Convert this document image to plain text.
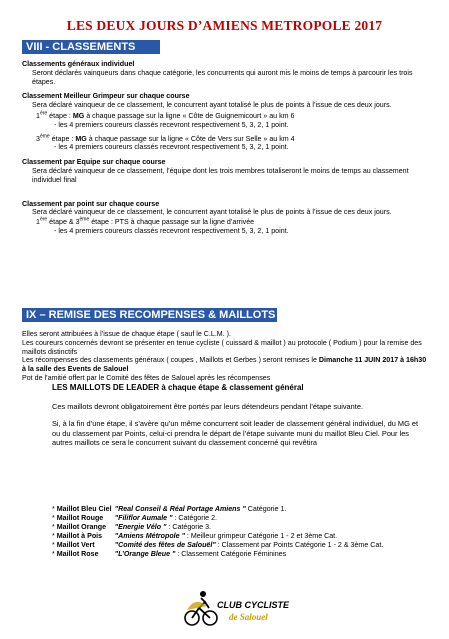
LES DEUX JOURS D’AMIENS METROPOLE 2017
VIII - CLASSEMENTS
Classements généraux individuel
Seront déclarés vainqueurs dans chaque catégorie, les concurrents qui auront mis le moins de temps à parcourir les trois étapes.
Classement Meilleur Grimpeur sur chaque course
Sera déclaré vainqueur de ce classement, le concurrent ayant totalisé le plus de points à l’issue de ces deux jours.
1ère étape : MG à chaque passage sur la ligne « Côte de Guignemicourt » au km 6
- les 4 premiers coureurs classés recevront respectivement 5, 3, 2, 1 point.
3ème étape : MG à chaque passage sur la ligne « Côte de Vers sur Selle » au km 4
- les 4 premiers coureurs classés recevront respectivement 5, 3, 2, 1 point.
Classement par Equipe sur chaque course
Sera déclaré vainqueur de ce classement, l’équipe dont les trois membres totaliseront le moins de temps au classement individuel final
Classement par point sur chaque course
Sera déclaré vainqueur de ce classement, le concurrent ayant totalisé le plus de points à l’issue de ces deux jours.
1ère étape & 3ème étape : PTS à chaque passage sur la ligne d’arrivée
- les 4 premiers coureurs classés recevront respectivement 5, 3, 2, 1 point.
IX – REMISE DES RECOMPENSES & MAILLOTS
Elles seront attribuées à l’issue de chaque étape ( sauf le C.L.M. ).
Les coureurs concernés devront se présenter en tenue cycliste ( cuissard & maillot ) au protocole ( Podium ) pour la remise des maillots distinctifs
Les récompenses des classements généraux ( coupes , Maillots et Gerbes ) seront remises le Dimanche 11 JUIN 2017 à 16h30 à la salle des Events de Salouel
Pot de l’amitié offert par le Comité des fêtes de Salouel après les récompenses
LES MAILLOTS DE LEADER à chaque étape & classement général
Ces maillots devront obligatoirement être portés par leurs détendeurs pendant l’étape suivante.
Si, à la fin d’une étape, il s’avère qu’un même concurrent soit leader de classement général individuel, du MG et ou du classement par Points, celui-ci prendra le départ de l’étape suivante muni du maillot Bleu Ciel. Pour les autres maillots ce sera le concurrent suivant du classement concerné qui revêtira
* Maillot Bleu Ciel "Real Conseil & Réal Portage Amiens " Catégorie 1.
* Maillot Rouge "Filiflor Aumale " : Catégorie 2.
* Maillot Orange "Energie Vélo " : Catégorie 3.
* Maillot à Pois "Amiens Métropole " : Meilleur grimpeur Catégorie 1 - 2 et 3ème Cat.
* Maillot Vert	"Comité des fêtes de Salouël" : Classement par Points Catégorie 1 - 2 & 3ème Cat.
* Maillot Rose "L’Orange Bleue " : Classement Catégorie Féminines
CLUB CYCLISTE
de Salouel
